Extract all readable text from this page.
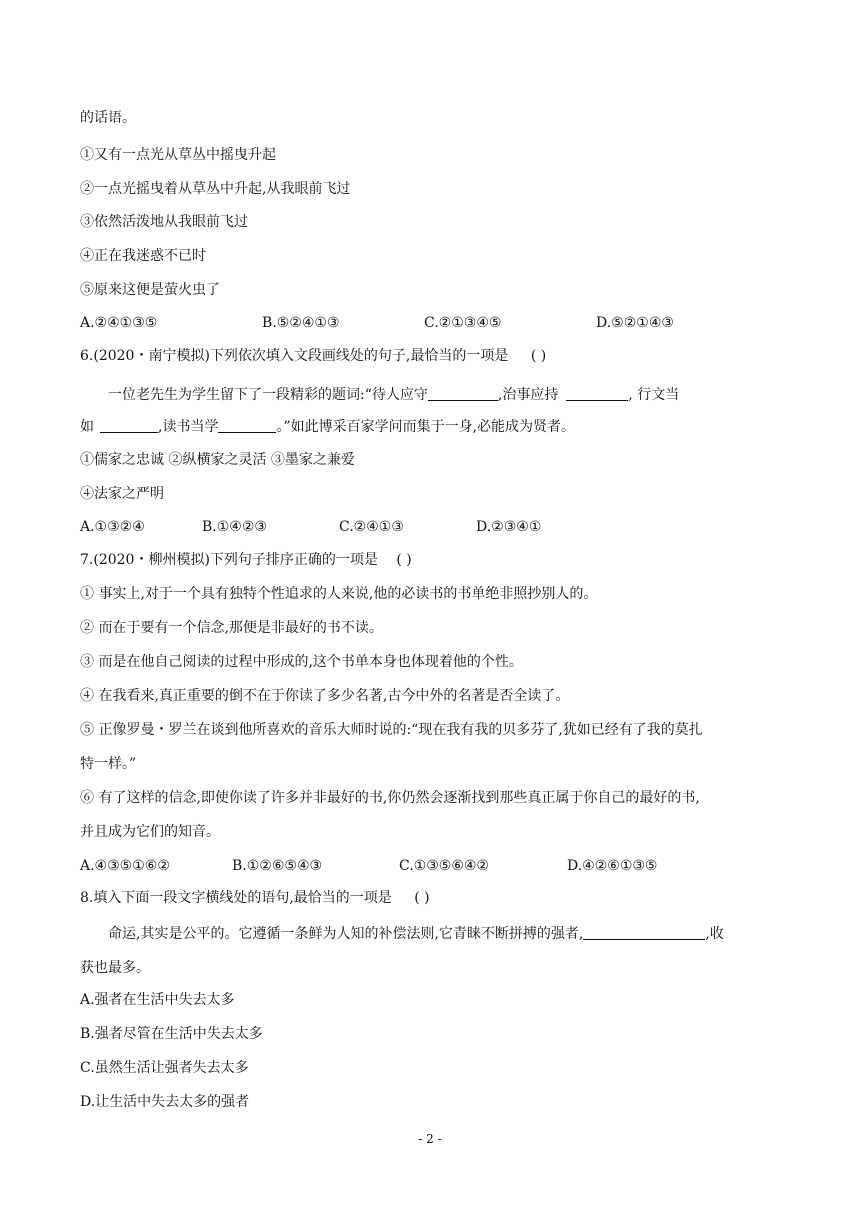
的话语。
①又有一点光从草丛中摇曳升起
②一点光摇曳着从草丛中升起,从我眼前飞过
③依然活泼地从我眼前飞过
④正在我迷惑不已时
⑤原来这便是萤火虫了
A.②④①③⑤	B.⑤②④①③	C.②①③④⑤	D.⑤②①④③
6.(2020・南宁模拟)下列依次填入文段画线处的句子,最恰当的一项是 ( )
一位老先生为学生留下了一段精彩的题词:“待人应守	,治事应持	, 行文当
如	,读书当学	。”如此博采百家学问而集于一身,必能成为贤者。
①儒家之忠诚 ②纵横家之灵活 ③墨家之兼爱
④法家之严明
A.①③②④	B.①④②③	C.②④①③	D.②③④①
7.(2020・柳州模拟)下列句子排序正确的一项是 ( )
① 事实上,对于一个具有独特个性追求的人来说,他的必读书的书单绝非照抄别人的。
② 而在于要有一个信念,那便是非最好的书不读。
③ 而是在他自己阅读的过程中形成的,这个书单本身也体现着他的个性。
④ 在我看来,真正重要的倒不在于你读了多少名著,古今中外的名著是否全读了。
⑤ 正像罗曼・罗兰在谈到他所喜欢的音乐大师时说的:“现在我有我的贝多芬了,犹如已经有了我的莫扎
特一样。”
⑥ 有了这样的信念,即使你读了许多并非最好的书,你仍然会逐渐找到那些真正属于你自己的最好的书,
并且成为它们的知音。
A.④③⑤①⑥②	B.①②⑥⑤④③	C.①③⑤⑥④②	D.④②⑥①③⑤
8.填入下面一段文字横线处的语句,最恰当的一项是 ( )
命运,其实是公平的。它遵循一条鲜为人知的补偿法则,它青睐不断拼搏的强者,	,收
获也最多。
A.强者在生活中失去太多
B.强者尽管在生活中失去太多
C.虽然生活让强者失去太多
D.让生活中失去太多的强者
- 2 -
